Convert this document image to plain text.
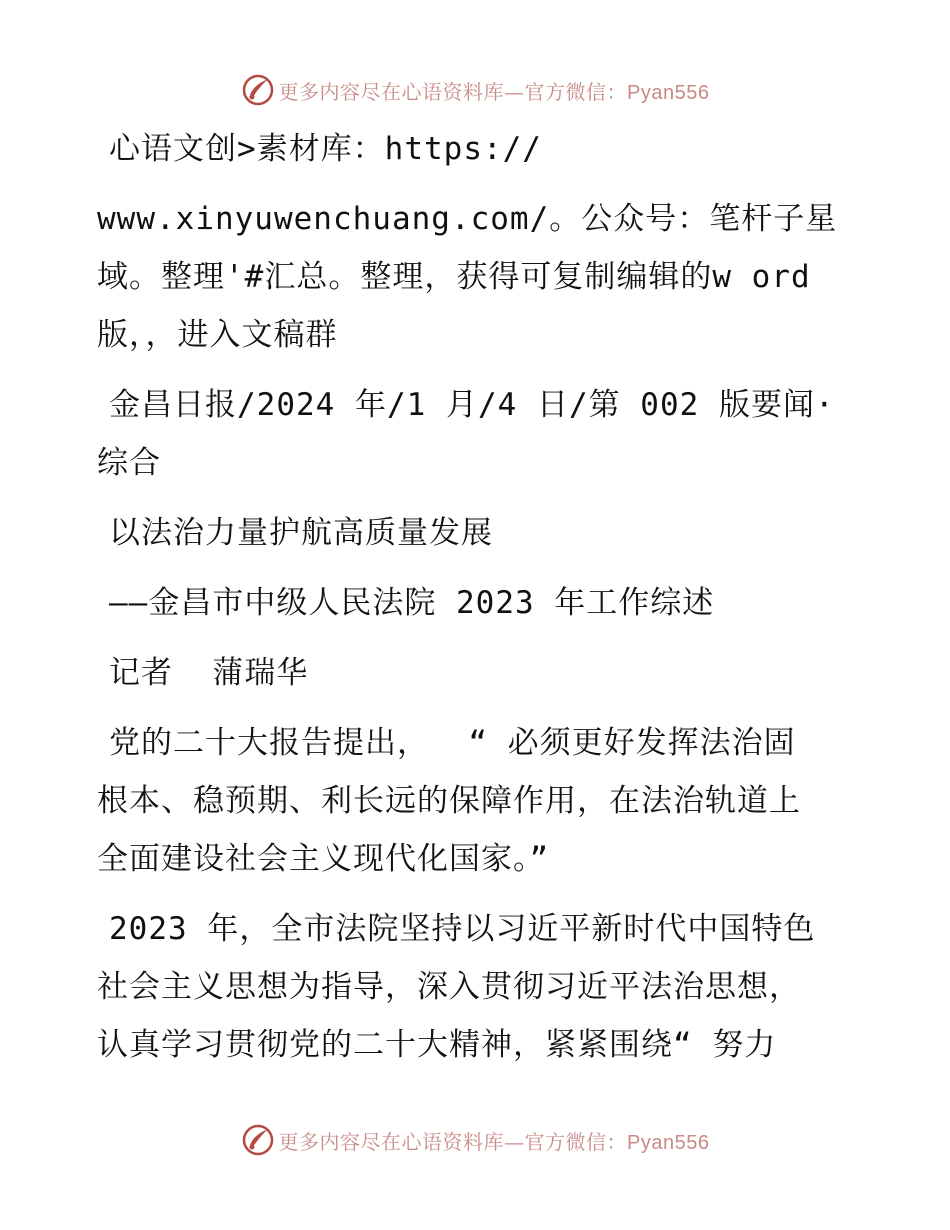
更多内容尽在心语资料库—官方微信：Pyan556

心语文创>素材库：https://

www.xinyuwenchuang.com/。公众号：笔杆子星
域。整理'#汇总。整理，获得可复制编辑的w ord
版，，进入文稿群

金昌日报/2024 年/1 月/4 日/第 002 版要闻·
综合

以法治力量护航高质量发展

——金昌市中级人民法院 2023 年工作综述

记者  蒲瑞华

党的二十大报告提出，  “ 必须更好发挥法治固
根本、稳预期、利长远的保障作用，在法治轨道上
全面建设社会主义现代化国家。”

2023 年，全市法院坚持以习近平新时代中国特色
社会主义思想为指导，深入贯彻习近平法治思想，
认真学习贯彻党的二十大精神，紧紧围绕“ 努力

更多内容尽在心语资料库—官方微信：Pyan556
